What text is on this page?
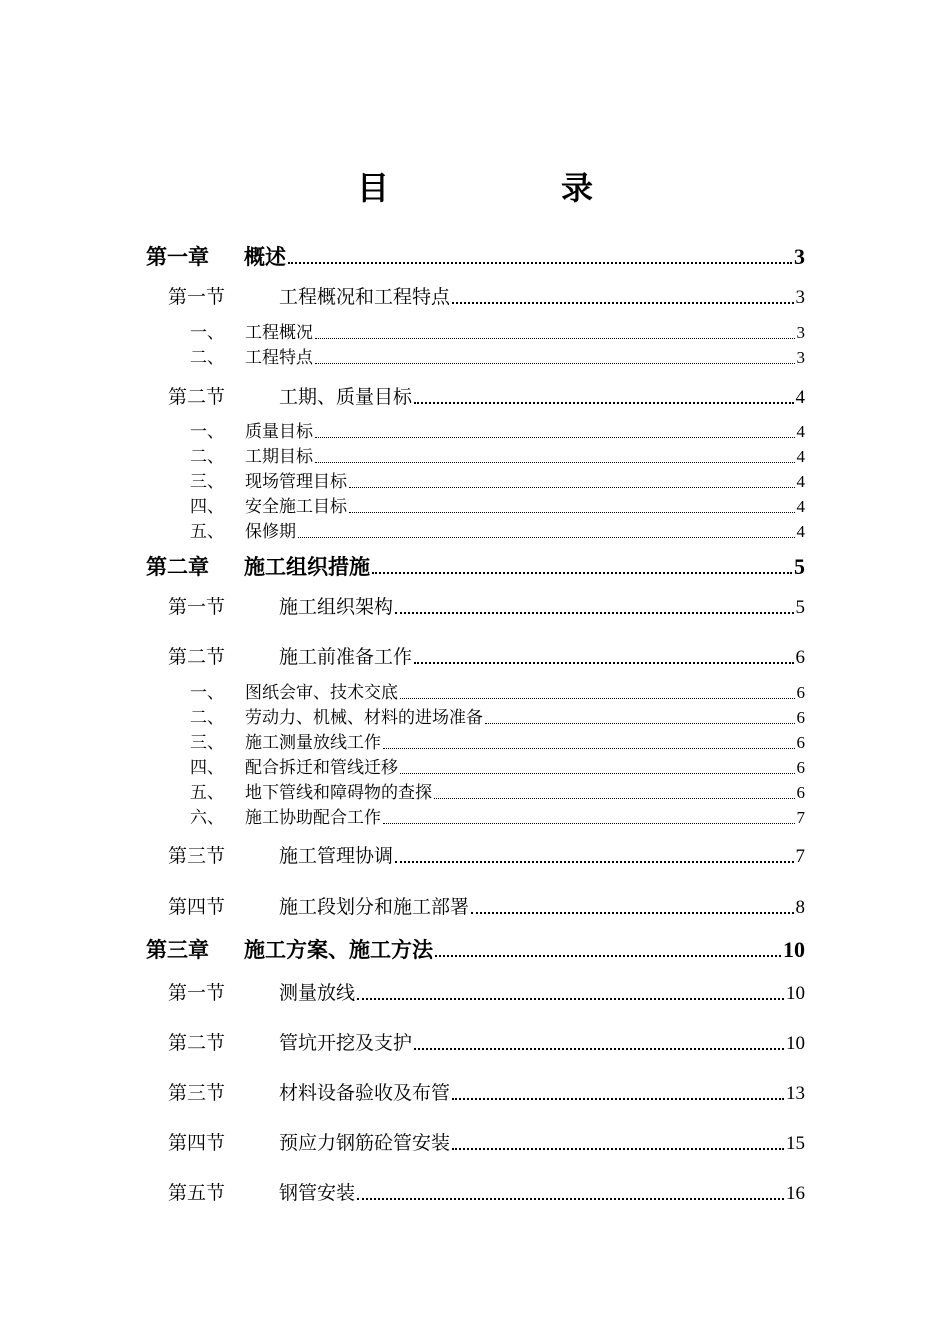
目　录
第一章	概述	3
第一节	工程概况和工程特点	3
一、	工程概况	3
二、	工程特点	3
第二节	工期、质量目标	4
一、	质量目标	4
二、	工期目标	4
三、	现场管理目标	4
四、	安全施工目标	4
五、	保修期	4
第二章	施工组织措施	5
第一节	施工组织架构	5
第二节	施工前准备工作	6
一、	图纸会审、技术交底	6
二、	劳动力、机械、材料的进场准备	6
三、	施工测量放线工作	6
四、	配合拆迁和管线迁移	6
五、	地下管线和障碍物的查探	6
六、	施工协助配合工作	7
第三节	施工管理协调	7
第四节	施工段划分和施工部署	8
第三章	施工方案、施工方法	10
第一节	测量放线	10
第二节	管坑开挖及支护	10
第三节	材料设备验收及布管	13
第四节	预应力钢筋砼管安装	15
第五节	钢管安装	16
